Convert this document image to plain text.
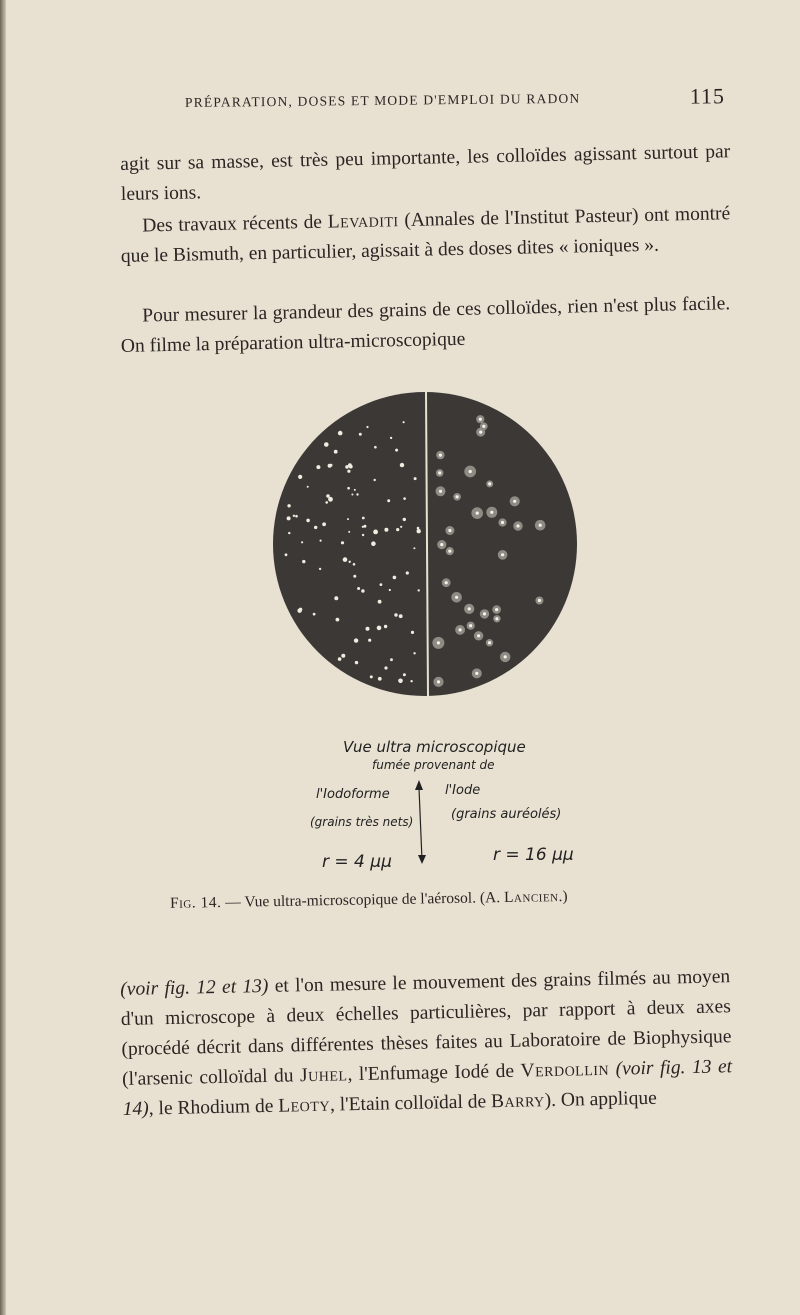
PRÉPARATION, DOSES ET MODE D'EMPLOI DU RADON	115
agit sur sa masse, est très peu importante, les colloïdes agissant surtout par leurs ions.
Des travaux récents de Levaditi (Annales de l'Institut Pasteur) ont montré que le Bismuth, en particulier, agissait à des doses dites « ioniques ».
Pour mesurer la grandeur des grains de ces colloïdes, rien n'est plus facile. On filme la préparation ultra-microscopique
Vue ultra microscopique
fumée provenant de
l'Iodoforme	l'Iode
(grains très nets)	(grains auréolés)
r = 4 μμ	r = 16 μμ
Fig. 14. — Vue ultra-microscopique de l'aérosol. (A. Lancien.)
(voir fig. 12 et 13) et l'on mesure le mouvement des grains filmés au moyen d'un microscope à deux échelles particulières, par rapport à deux axes (procédé décrit dans différentes thèses faites au Laboratoire de Biophysique (l'arsenic colloïdal du Juhel, l'Enfumage Iodé de Verdollin (voir fig. 13 et 14), le Rhodium de Leoty, l'Etain colloïdal de Barry). On applique
